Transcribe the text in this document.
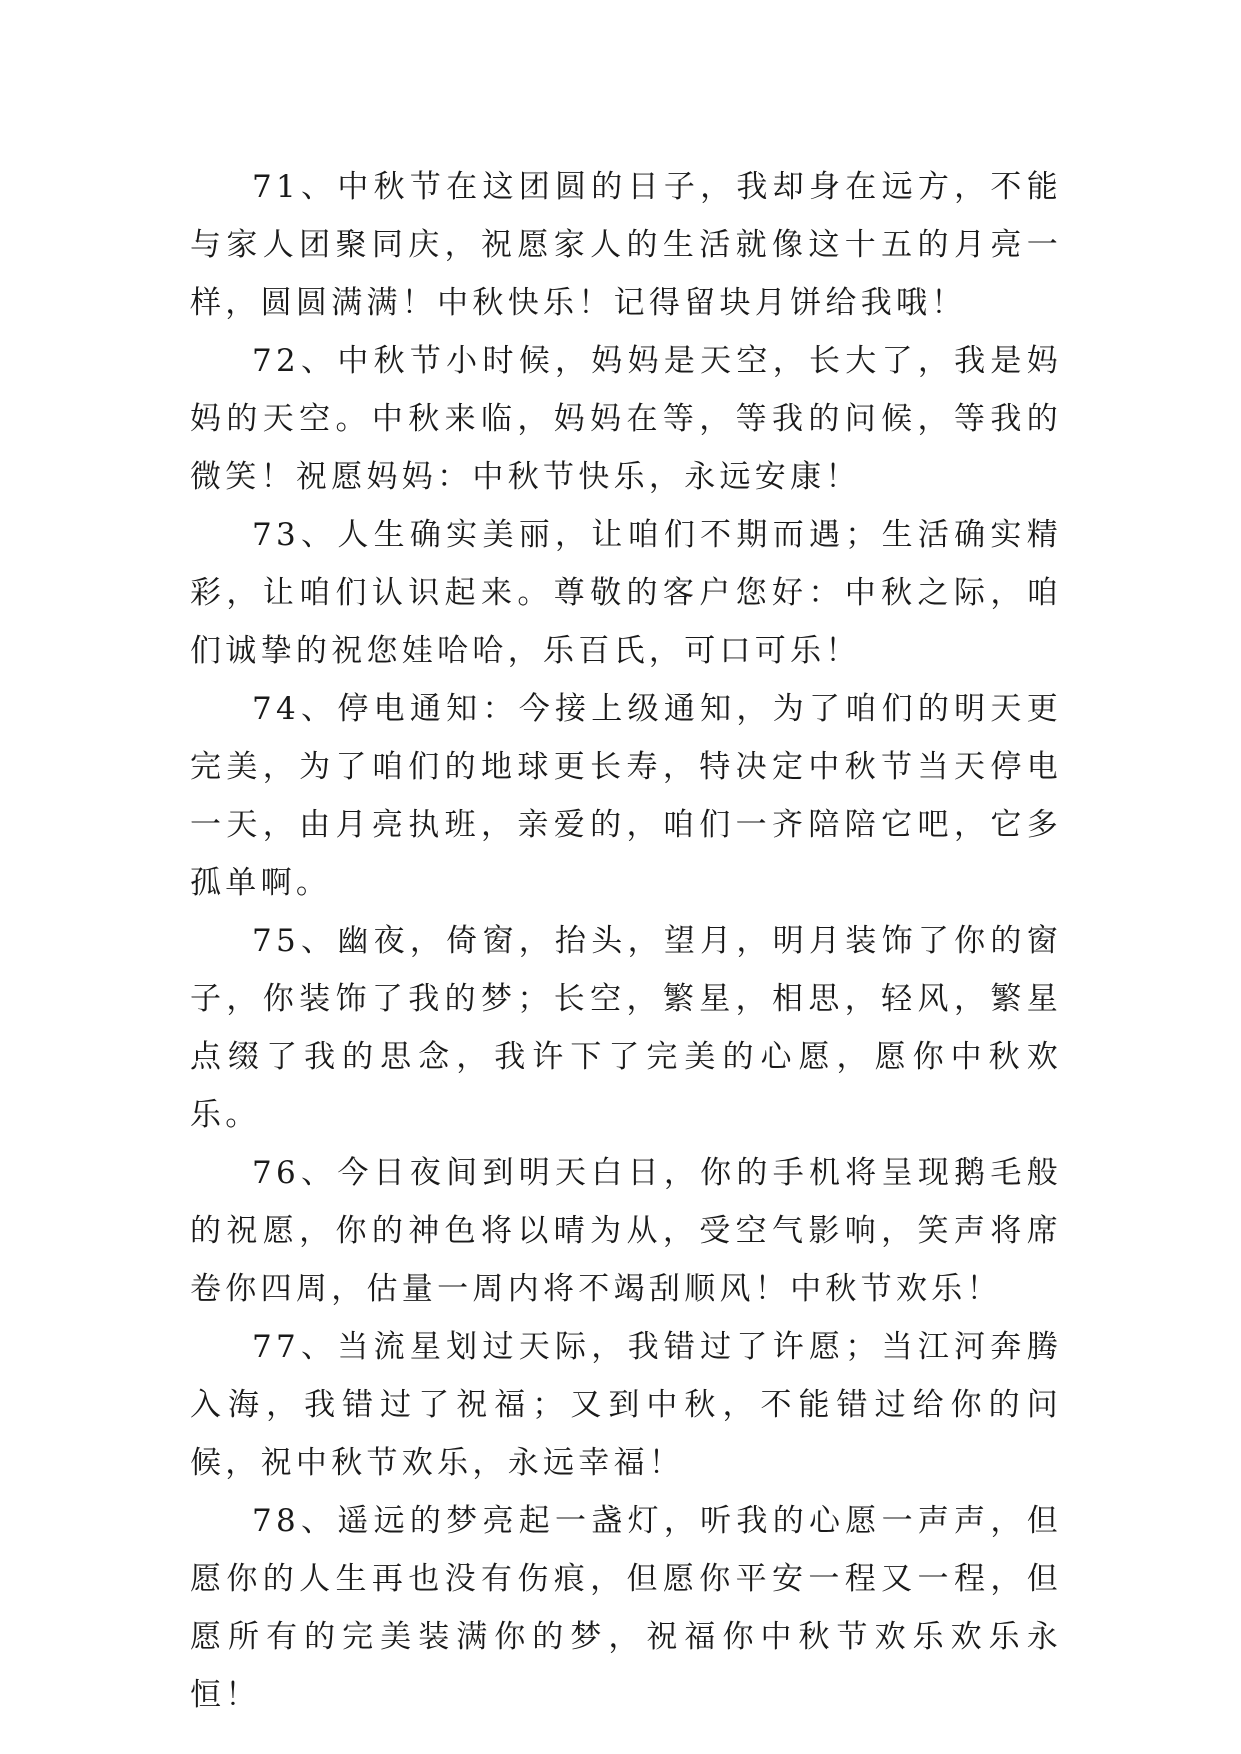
71、中秋节在这团圆的日子，我却身在远方，不能与家人团聚同庆，祝愿家人的生活就像这十五的月亮一样，圆圆满满！中秋快乐！记得留块月饼给我哦！

72、中秋节小时候，妈妈是天空，长大了，我是妈妈的天空。中秋来临，妈妈在等，等我的问候，等我的微笑！祝愿妈妈：中秋节快乐，永远安康！

73、人生确实美丽，让咱们不期而遇；生活确实精彩，让咱们认识起来。尊敬的客户您好：中秋之际，咱们诚挚的祝您娃哈哈，乐百氏，可口可乐！

74、停电通知：今接上级通知，为了咱们的明天更完美，为了咱们的地球更长寿，特决定中秋节当天停电一天，由月亮执班，亲爱的，咱们一齐陪陪它吧，它多孤单啊。

75、幽夜，倚窗，抬头，望月，明月装饰了你的窗子，你装饰了我的梦；长空，繁星，相思，轻风，繁星点缀了我的思念，我许下了完美的心愿，愿你中秋欢乐。

76、今日夜间到明天白日，你的手机将呈现鹅毛般的祝愿，你的神色将以晴为从，受空气影响，笑声将席卷你四周，估量一周内将不竭刮顺风！中秋节欢乐！

77、当流星划过天际，我错过了许愿；当江河奔腾入海，我错过了祝福；又到中秋，不能错过给你的问候，祝中秋节欢乐，永远幸福！

78、遥远的梦亮起一盏灯，听我的心愿一声声，但愿你的人生再也没有伤痕，但愿你平安一程又一程，但愿所有的完美装满你的梦，祝福你中秋节欢乐欢乐永恒！
